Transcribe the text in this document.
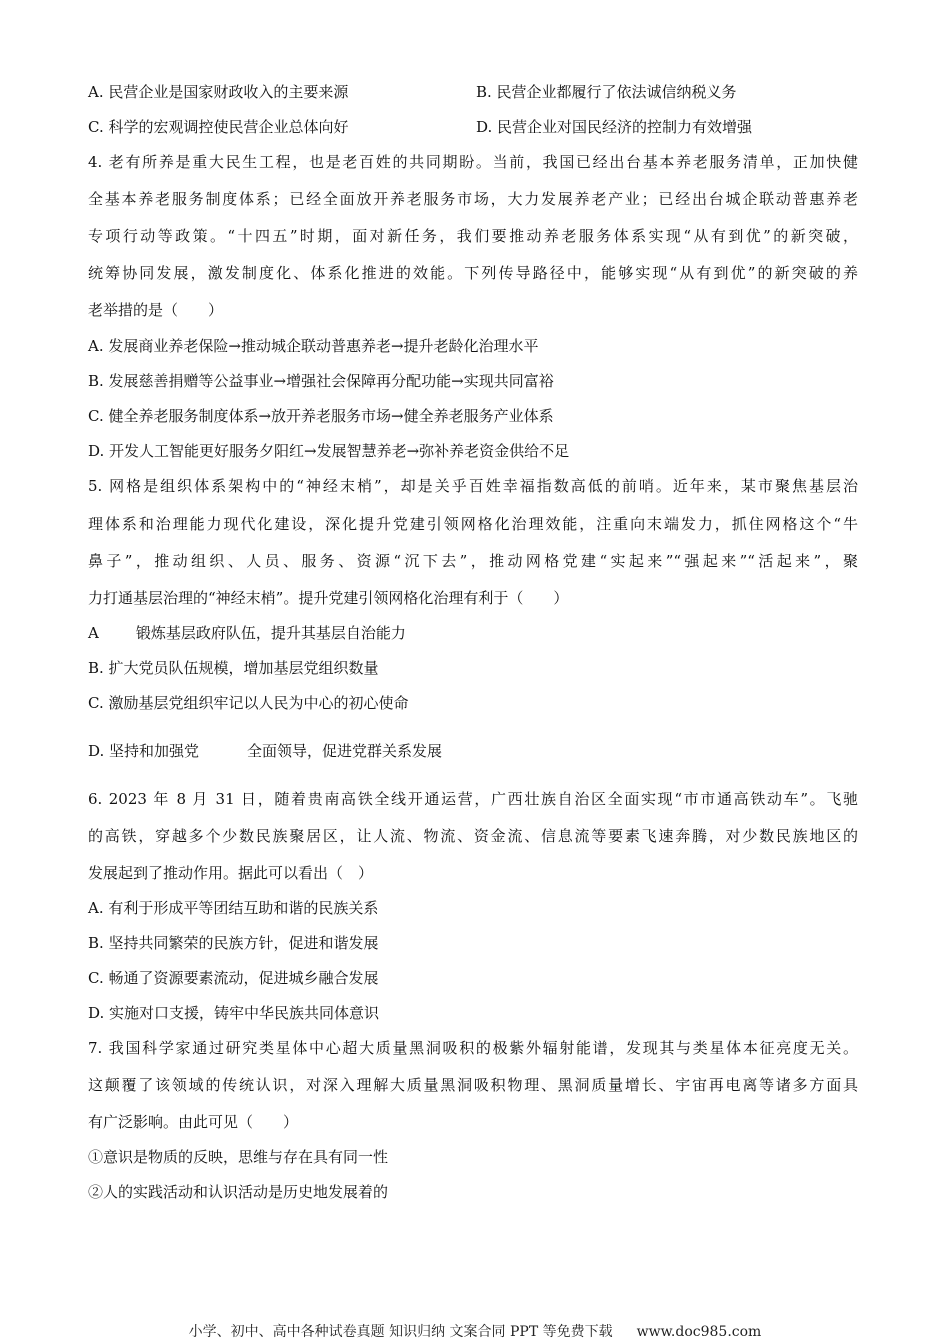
A. 民营企业是国家财政收入的主要来源	B. 民营企业都履行了依法诚信纳税义务
C. 科学的宏观调控使民营企业总体向好	D. 民营企业对国民经济的控制力有效增强
4. 老有所养是重大民生工程，也是老百姓的共同期盼。当前，我国已经出台基本养老服务清单，正加快健
全基本养老服务制度体系；已经全面放开养老服务市场，大力发展养老产业；已经出台城企联动普惠养老
专项行动等政策。“十四五”时期，面对新任务，我们要推动养老服务体系实现“从有到优”的新突破，
统筹协同发展，激发制度化、体系化推进的效能。下列传导路径中，能够实现“从有到优”的新突破的养
老举措的是（　　）
A. 发展商业养老保险→推动城企联动普惠养老→提升老龄化治理水平
B. 发展慈善捐赠等公益事业→增强社会保障再分配功能→实现共同富裕
C. 健全养老服务制度体系→放开养老服务市场→健全养老服务产业体系
D. 开发人工智能更好服务夕阳红→发展智慧养老→弥补养老资金供给不足
5. 网格是组织体系架构中的“神经末梢”，却是关乎百姓幸福指数高低的前哨。近年来，某市聚焦基层治
理体系和治理能力现代化建设，深化提升党建引领网格化治理效能，注重向末端发力，抓住网格这个“牛
鼻子”，推动组织、人员、服务、资源“沉下去”，推动网格党建“实起来”“强起来”“活起来”，聚
力打通基层治理的“神经末梢”。提升党建引领网格化治理有利于（　　）
A 锻炼基层政府队伍，提升其基层自治能力
B. 扩大党员队伍规模，增加基层党组织数量
C. 激励基层党组织牢记以人民为中心的初心使命
D. 坚持和加强党	全面领导，促进党群关系发展
6. 2023 年 8 月 31 日，随着贵南高铁全线开通运营，广西壮族自治区全面实现“市市通高铁动车”。飞驰
的高铁，穿越多个少数民族聚居区，让人流、物流、资金流、信息流等要素飞速奔腾，对少数民族地区的
发展起到了推动作用。据此可以看出（　）
A. 有利于形成平等团结互助和谐的民族关系
B. 坚持共同繁荣的民族方针，促进和谐发展
C. 畅通了资源要素流动，促进城乡融合发展
D. 实施对口支援，铸牢中华民族共同体意识
7. 我国科学家通过研究类星体中心超大质量黑洞吸积的极紫外辐射能谱，发现其与类星体本征亮度无关。
这颠覆了该领域的传统认识，对深入理解大质量黑洞吸积物理、黑洞质量增长、宇宙再电离等诸多方面具
有广泛影响。由此可见（　　）
①意识是物质的反映，思维与存在具有同一性
②人的实践活动和认识活动是历史地发展着的
小学、初中、高中各种试卷真题 知识归纳 文案合同 PPT 等免费下载 www.doc985.com
